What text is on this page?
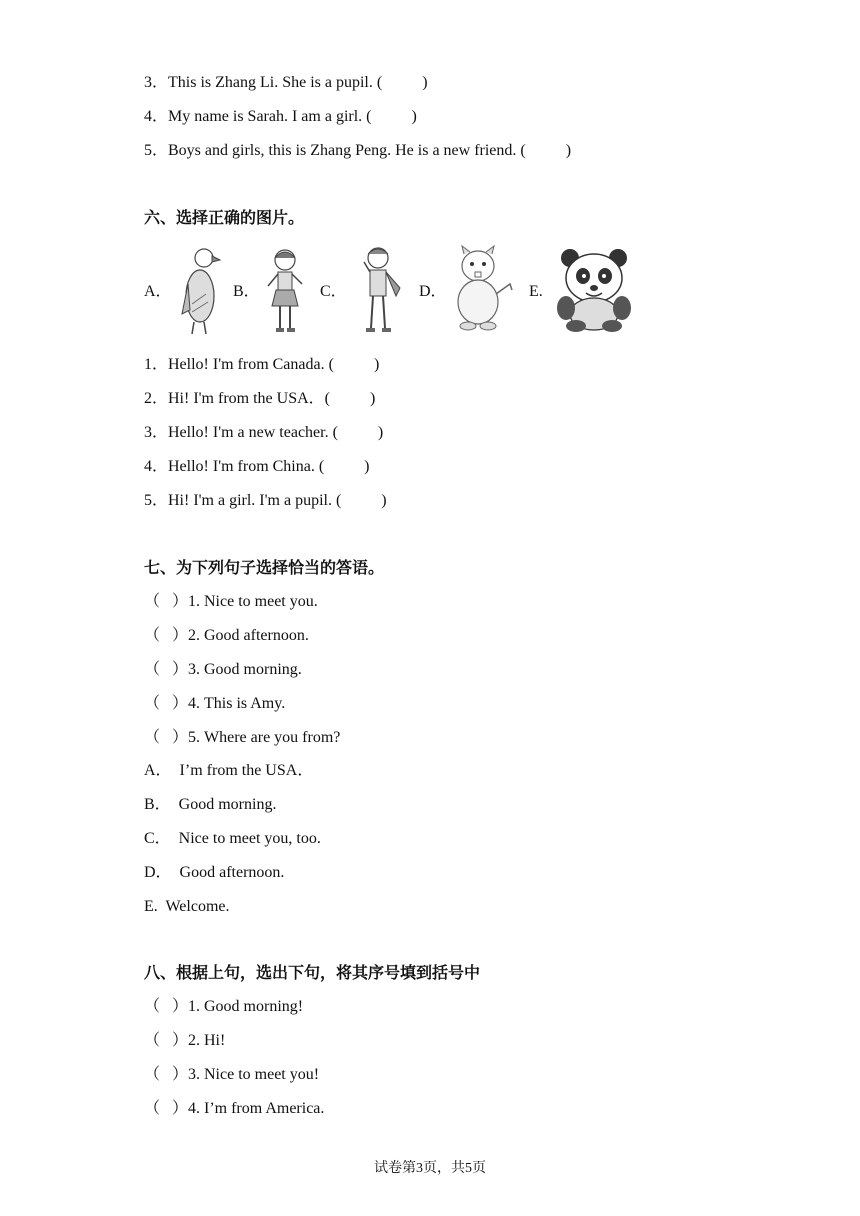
3．This is Zhang Li. She is a pupil. (          )
4．My name is Sarah. I am a girl. (          )
5．Boys and girls, this is Zhang Peng. He is a new friend. (          )
六、选择正确的图片。
A．	B．	C．	D．	E.
1．Hello! I'm from Canada. (          )
2．Hi! I'm from the USA．(          )
3．Hello! I'm a new teacher. (          )
4．Hello! I'm from China. (          )
5．Hi! I'm a girl. I'm a pupil. (          )
七、为下列句子选择恰当的答语。
（   ）1. Nice to meet you.
（   ）2. Good afternoon.
（   ）3. Good morning.
（   ）4. This is Amy.
（   ）5. Where are you from?
A．  I’m from the USA．
B．  Good morning.
C．  Nice to meet you, too.
D．  Good afternoon.
E.  Welcome.
八、根据上句，选出下句，将其序号填到括号中
（   ）1. Good morning!
（   ）2. Hi!
（   ）3. Nice to meet you!
（   ）4. I’m from America.
试卷第3页，共5页
